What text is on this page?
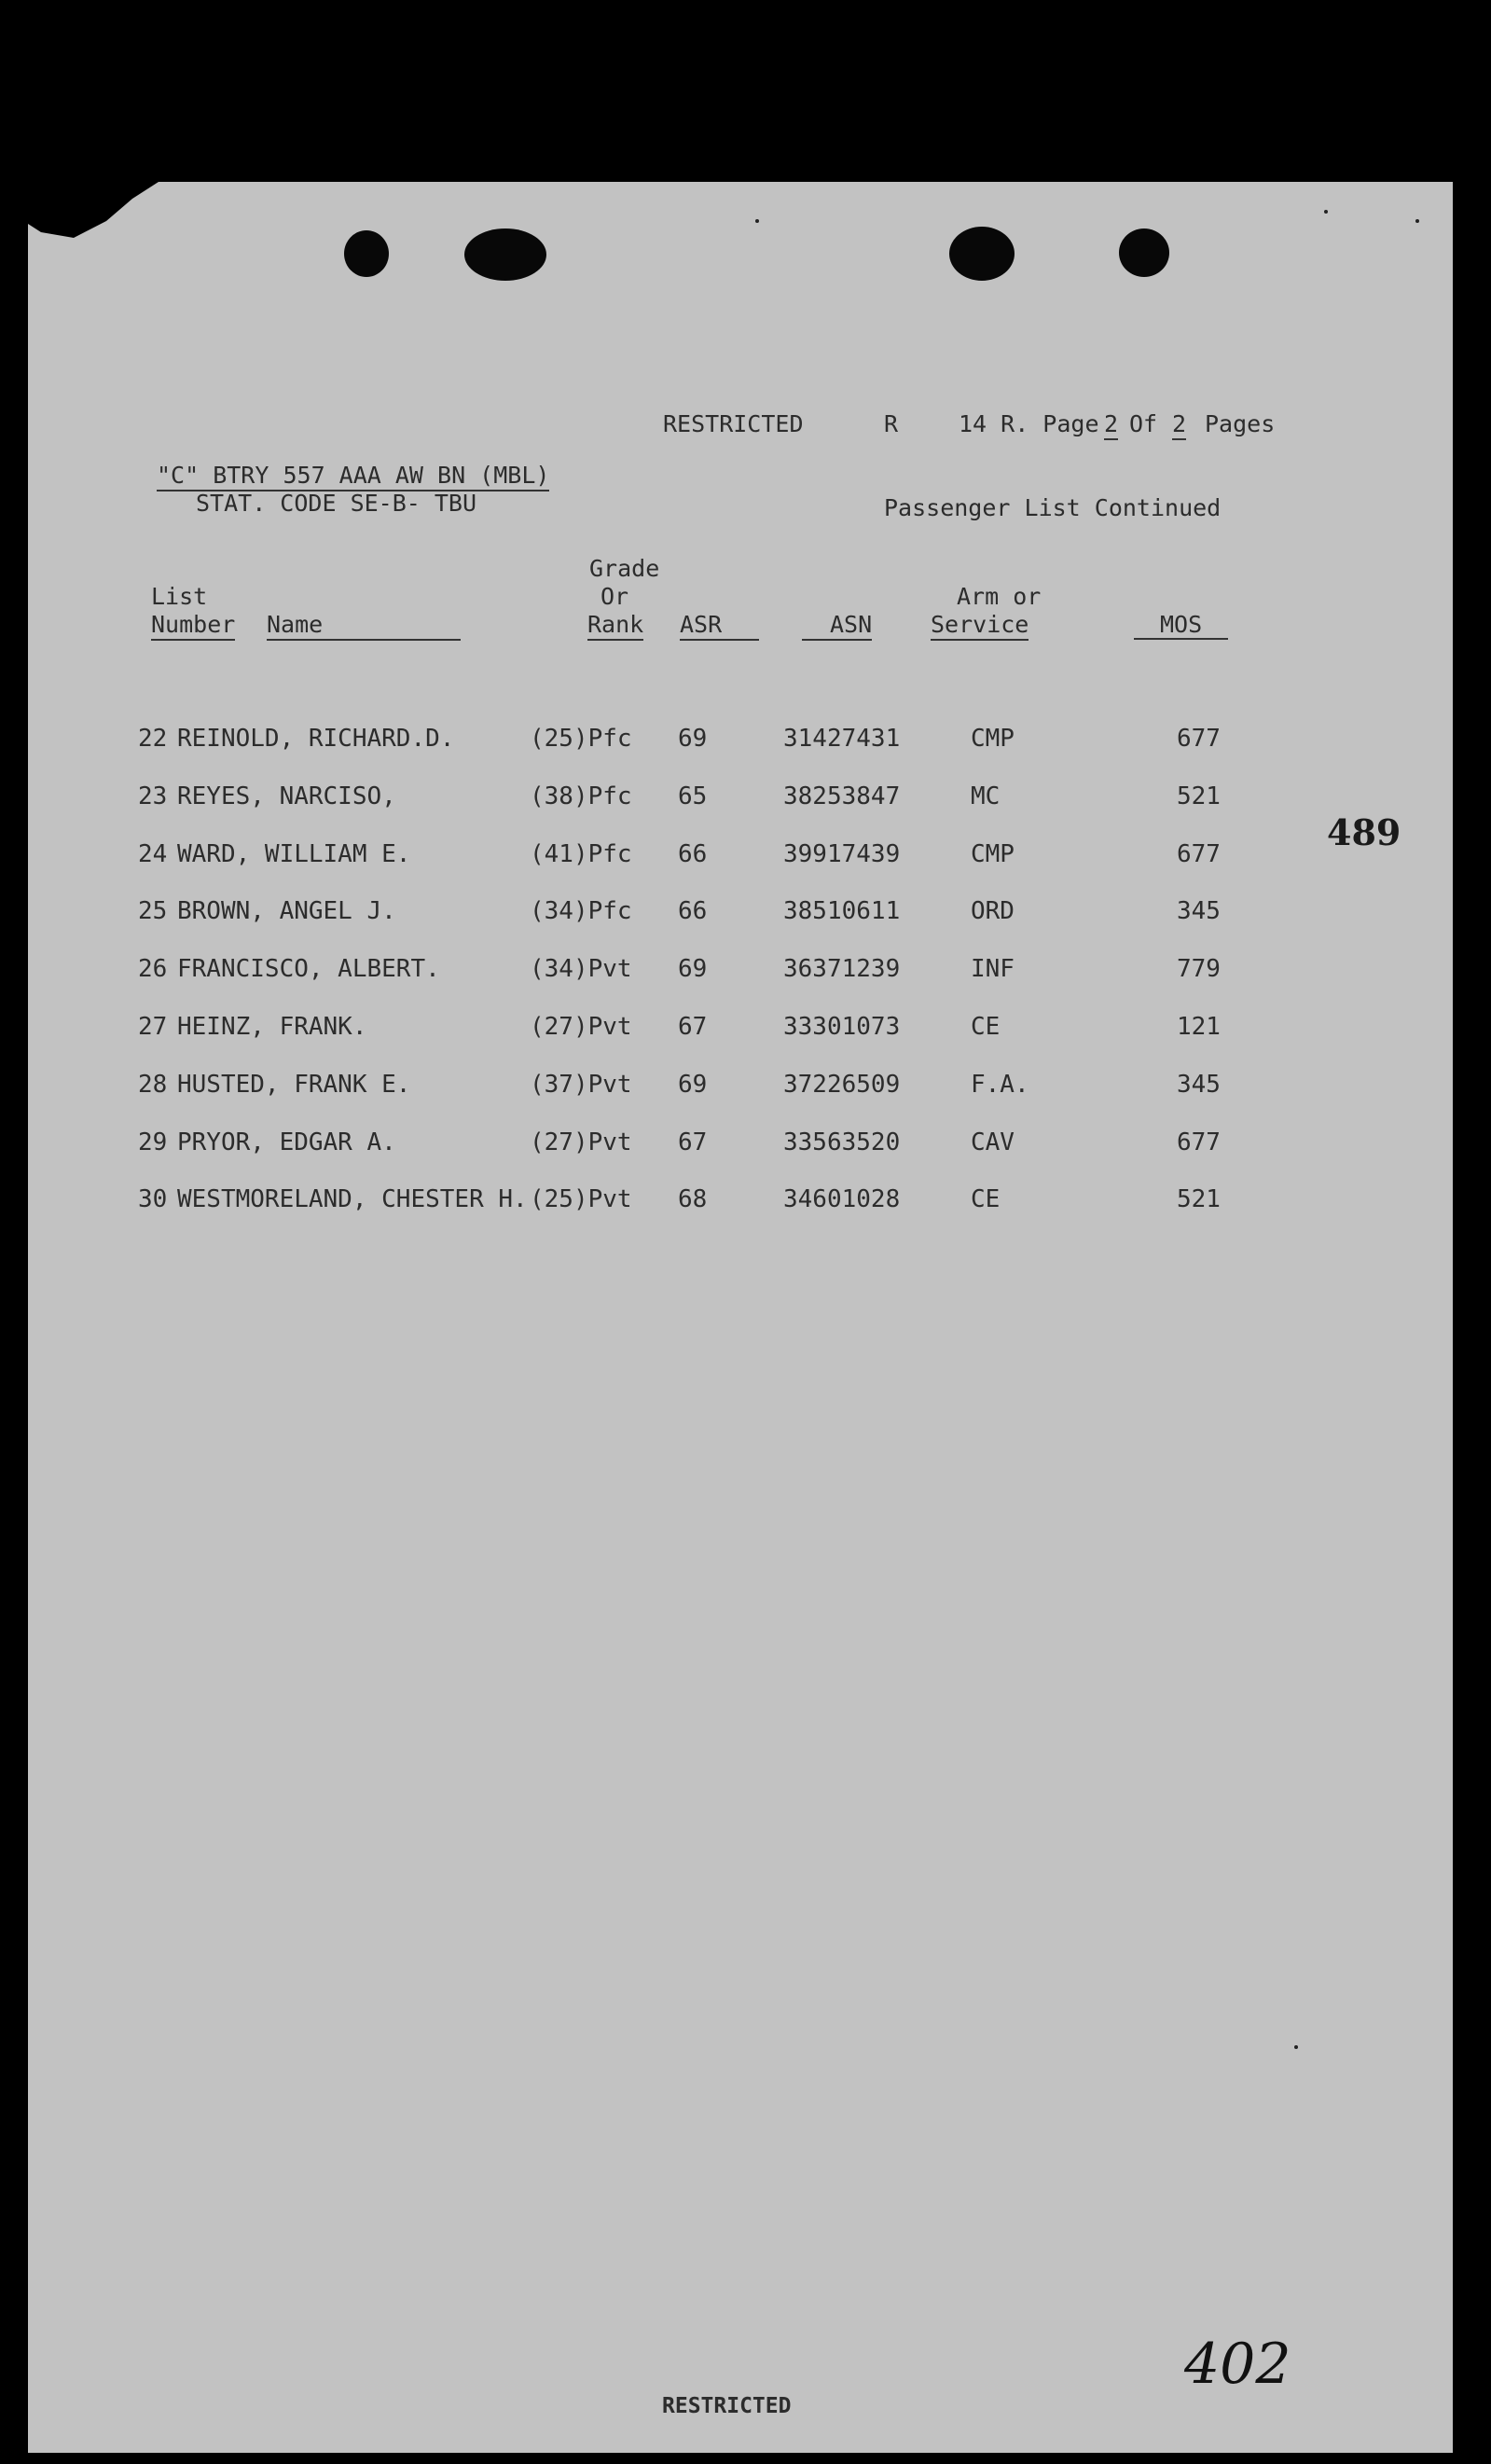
RESTRICTED	R	14 R. Page 2 Of 2 Pages
"C" BTRY 557 AAA AW BN (MBL)
STAT. CODE SE-B- TBU	Passenger List Continued
List
Number Name
Grade
Or
Rank ASR	ASN
Arm or
Service	MOS
22 REINOLD, RICHARD.D.	(25)Pfc 69	31427431	CMP	677
23 REYES, NARCISO,	(38)Pfc 65	38253847	MC	521
24 WARD, WILLIAM E.	(41)Pfc 66	39917439	CMP	677
25 BROWN, ANGEL J.	(34)Pfc 66	38510611	ORD	345
26 FRANCISCO, ALBERT.	(34)Pvt 69	36371239	INF	779
27 HEINZ, FRANK.	(27)Pvt 67	33301073	CE	121
28 HUSTED, FRANK E.	(37)Pvt 69	37226509	F.A.	345
29 PRYOR, EDGAR A.	(27)Pvt 67	33563520	CAV	677
30 WESTMORELAND, CHESTER H. (25)Pvt 68	34601028	CE	521
489
402
RESTRICTED
